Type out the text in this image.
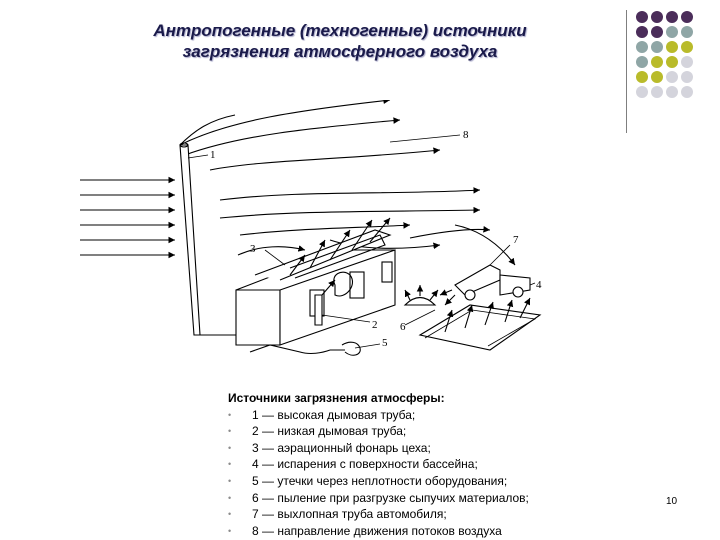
Антропогенные (техногенные) источники
загрязнения атмосферного воздуха
1
2
3
4
5
6
7
8
Источники загрязнения атмосферы:
• 1 — высокая дымовая труба;
• 2 — низкая дымовая труба;
• 3 — аэрационный фонарь цеха;
• 4 — испарения с поверхности бассейна;
• 5 — утечки через неплотности оборудования;
• 6 — пыление при разгрузке сыпучих материалов;
• 7 — выхлопная труба автомобиля;
• 8 — направление движения потоков воздуха
10
